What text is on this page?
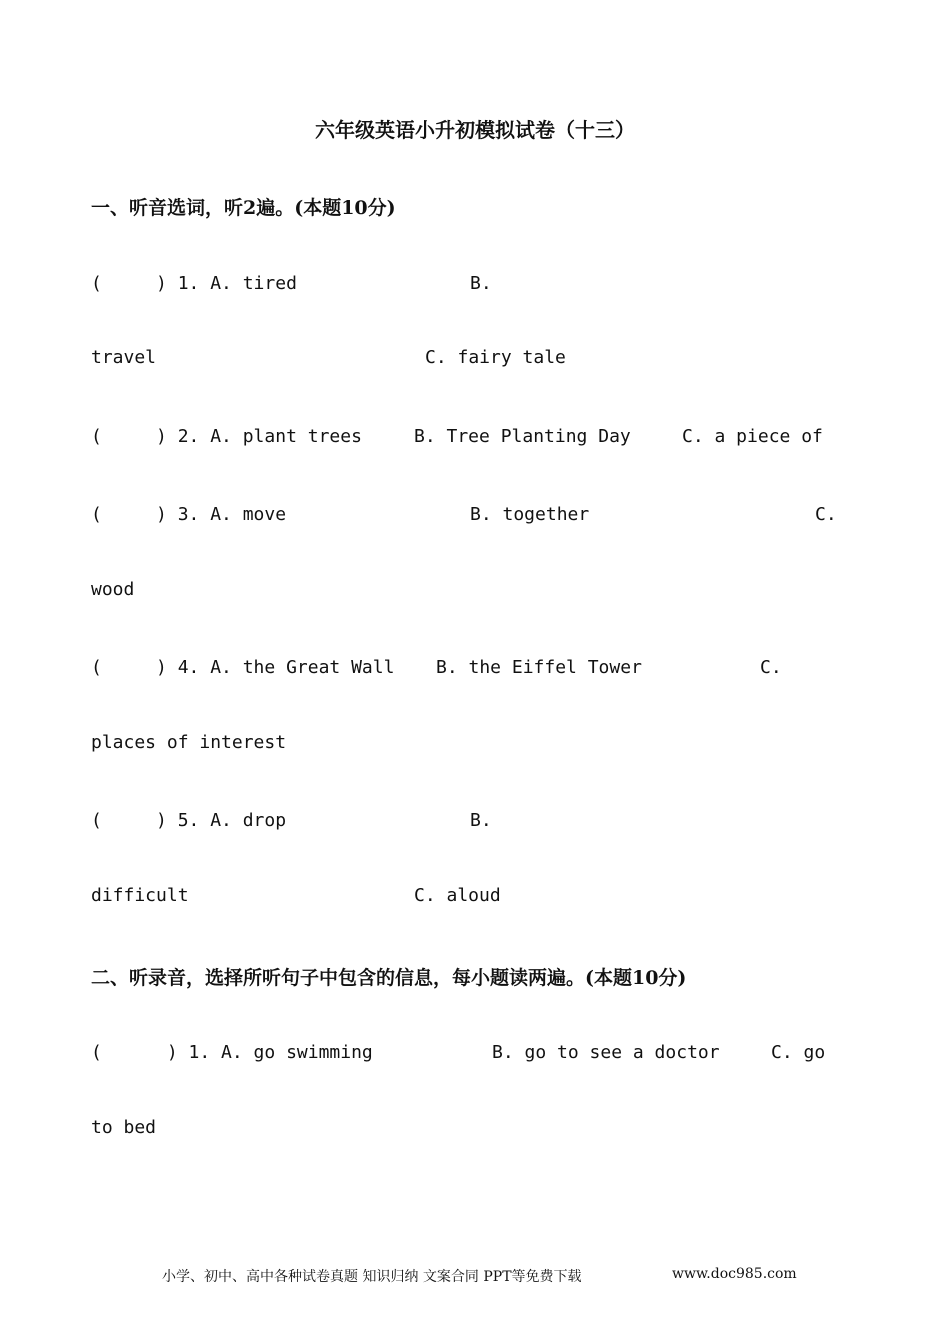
六年级英语小升初模拟试卷（十三）
一、听音选词，听2遍。(本题10分)
(     ) 1. A. tired	B.
travel	C. fairy tale
(     ) 2. A. plant trees	B. Tree Planting Day	C. a piece of
(     ) 3. A. move	B. together	C.
wood
(     ) 4. A. the Great Wall B. the Eiffel Tower	C.
places of interest
(     ) 5. A. drop	B.
difficult	C. aloud
二、听录音，选择所听句子中包含的信息，每小题读两遍。(本题10分)
(      ) 1. A. go swimming	B. go to see a doctor	C. go
to bed
小学、初中、高中各种试卷真题 知识归纳 文案合同 PPT等免费下载	www.doc985.com
